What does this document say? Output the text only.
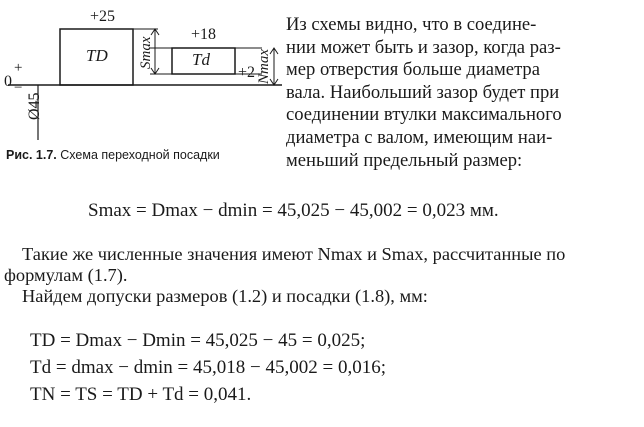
+25
+18
+2
0
+
−
Ø45
TD	Td
Smax	Nmax
Рис. 1.7. Схема переходной посадки
Из схемы видно, что в соедине-
нии может быть и зазор, когда раз-
мер отверстия больше диаметра
вала. Наибольший зазор будет при
соединении втулки максимального
диаметра с валом, имеющим наи-
меньший предельный размер:
Smax = Dmax − dmin = 45,025 − 45,002 = 0,023 мм.
Такие же численные значения имеют Nmax и Smax, рассчитанные по
формулам (1.7).
Найдем допуски размеров (1.2) и посадки (1.8), мм:
TD = Dmax − Dmin = 45,025 − 45 = 0,025;
Td = dmax − dmin = 45,018 − 45,002 = 0,016;
TN = TS = TD + Td = 0,041.
